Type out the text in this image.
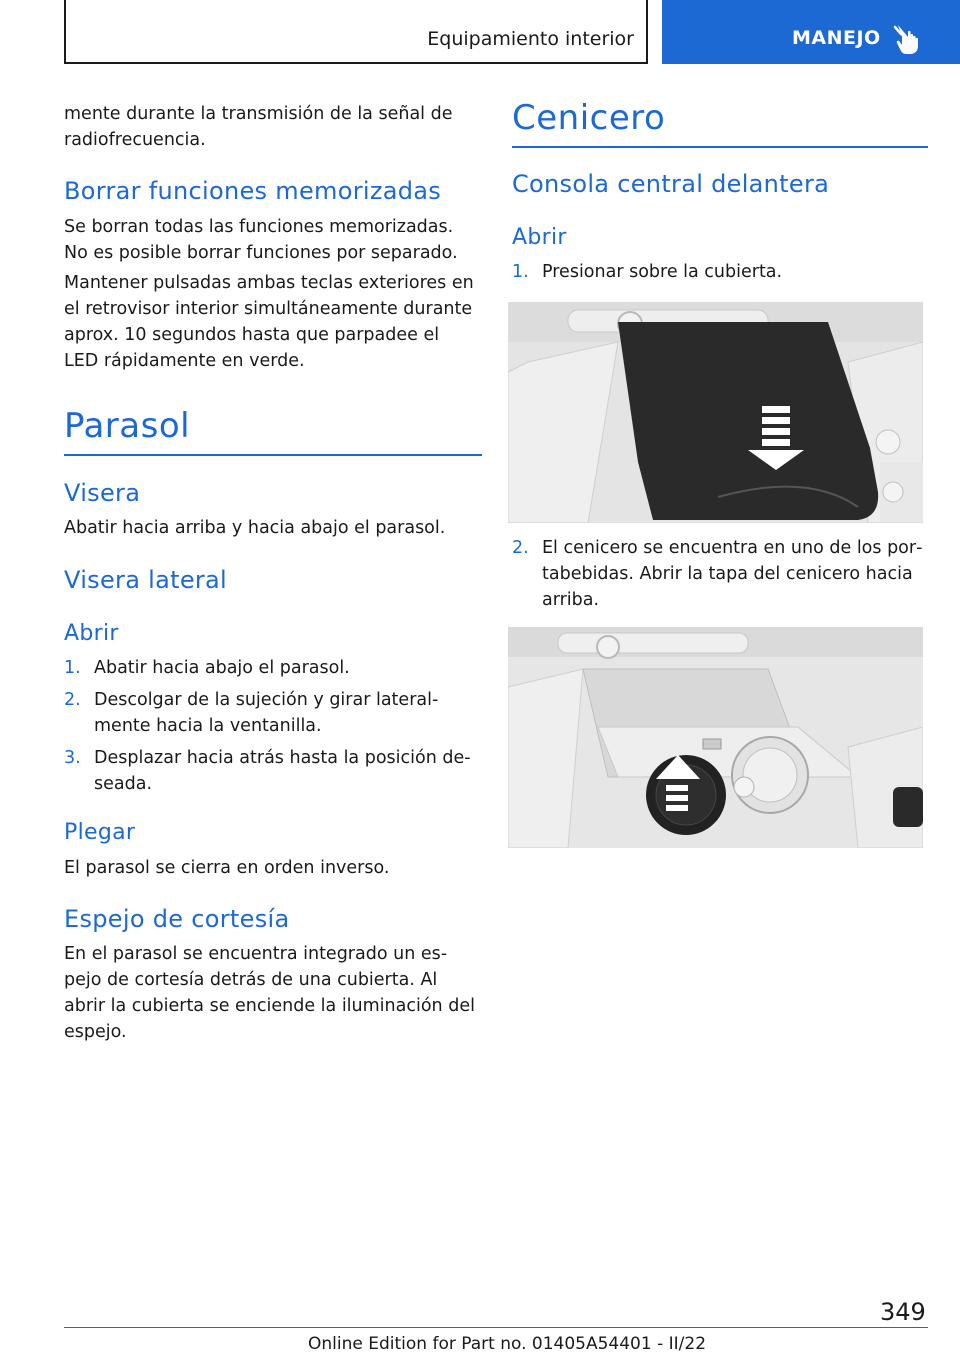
Equipamiento interior	MANEJO
mente durante la transmisión de la señal de
radiofrecuencia.
Borrar funciones memorizadas
Se borran todas las funciones memorizadas.
No es posible borrar funciones por separado.
Mantener pulsadas ambas teclas exteriores en
el retrovisor interior simultáneamente durante
aprox. 10 segundos hasta que parpadee el
LED rápidamente en verde.
Parasol
Visera
Abatir hacia arriba y hacia abajo el parasol.
Visera lateral
Abrir
1. Abatir hacia abajo el parasol.
2. Descolgar de la sujeción y girar lateral‐
mente hacia la ventanilla.
3. Desplazar hacia atrás hasta la posición de‐
seada.
Plegar
El parasol se cierra en orden inverso.
Espejo de cortesía
En el parasol se encuentra integrado un es‐
pejo de cortesía detrás de una cubierta. Al
abrir la cubierta se enciende la iluminación del
espejo.
Cenicero
Consola central delantera
Abrir
1. Presionar sobre la cubierta.
2. El cenicero se encuentra en uno de los por‐
tabebidas. Abrir la tapa del cenicero hacia
arriba.
349
Online Edition for Part no. 01405A54401 - II/22
